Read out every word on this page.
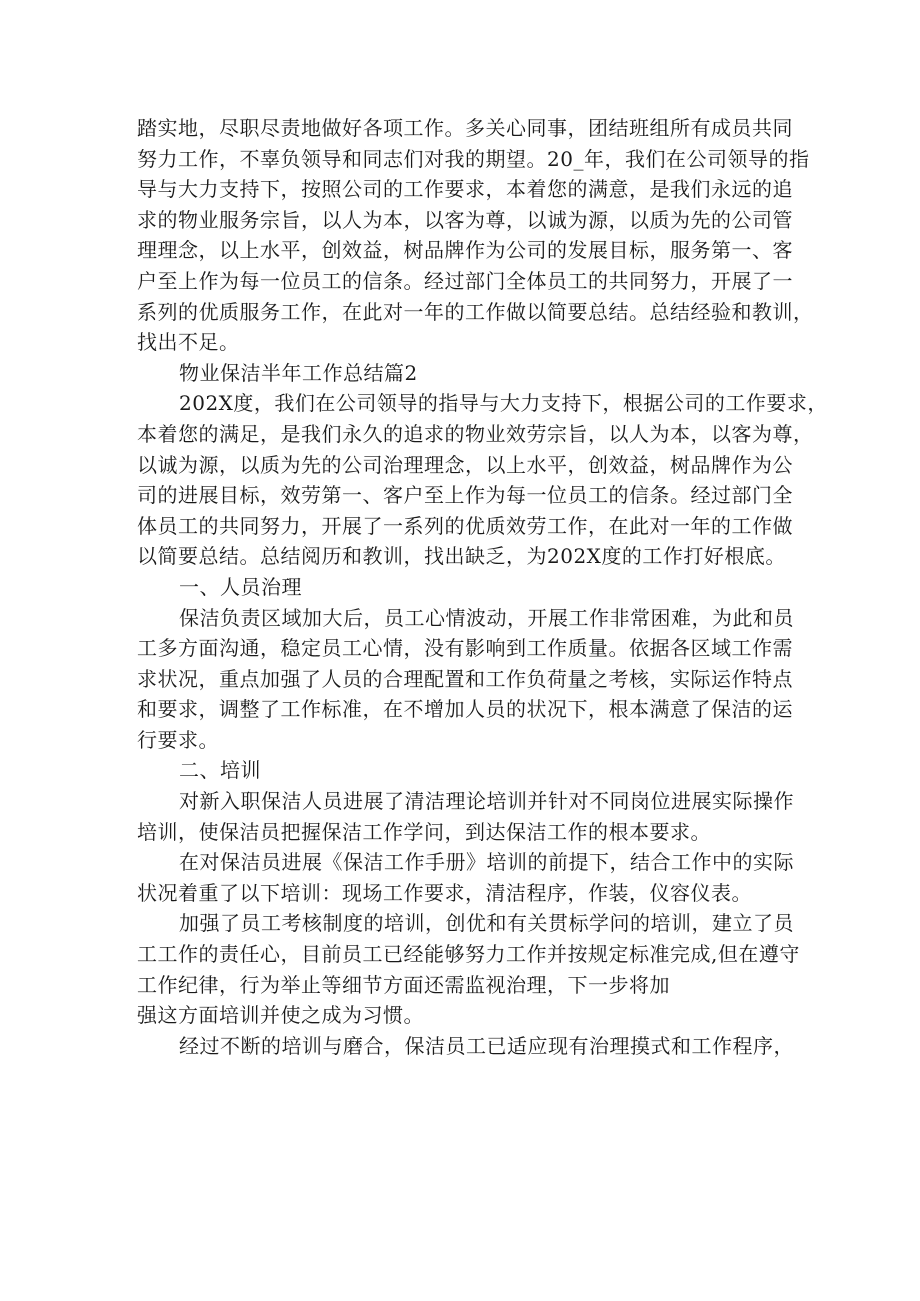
踏实地，尽职尽责地做好各项工作。多关心同事，团结班组所有成员共同
努力工作，不辜负领导和同志们对我的期望。20_年，我们在公司领导的指
导与大力支持下，按照公司的工作要求，本着您的满意，是我们永远的追
求的物业服务宗旨，以人为本，以客为尊，以诚为源，以质为先的公司管
理理念，以上水平，创效益，树品牌作为公司的发展目标，服务第一、客
户至上作为每一位员工的信条。经过部门全体员工的共同努力，开展了一
系列的优质服务工作，在此对一年的工作做以简要总结。总结经验和教训，
找出不足。
物业保洁半年工作总结篇2
202X度，我们在公司领导的指导与大力支持下，根据公司的工作要求，
本着您的满足，是我们永久的追求的物业效劳宗旨，以人为本，以客为尊，
以诚为源，以质为先的公司治理理念，以上水平，创效益，树品牌作为公
司的进展目标，效劳第一、客户至上作为每一位员工的信条。经过部门全
体员工的共同努力，开展了一系列的优质效劳工作，在此对一年的工作做
以简要总结。总结阅历和教训，找出缺乏，为202X度的工作打好根底。
一、人员治理
保洁负责区域加大后，员工心情波动，开展工作非常困难，为此和员
工多方面沟通，稳定员工心情，没有影响到工作质量。依据各区域工作需
求状况，重点加强了人员的合理配置和工作负荷量之考核，实际运作特点
和要求，调整了工作标准，在不增加人员的状况下，根本满意了保洁的运
行要求。
二、培训
对新入职保洁人员进展了清洁理论培训并针对不同岗位进展实际操作
培训，使保洁员把握保洁工作学问，到达保洁工作的根本要求。
在对保洁员进展《保洁工作手册》培训的前提下，结合工作中的实际
状况着重了以下培训：现场工作要求，清洁程序，作装，仪容仪表。
加强了员工考核制度的培训，创优和有关贯标学问的培训，建立了员
工工作的责任心，目前员工已经能够努力工作并按规定标准完成,但在遵守
工作纪律，行为举止等细节方面还需监视治理，下一步将加
强这方面培训并使之成为习惯。
经过不断的培训与磨合，保洁员工已适应现有治理摸式和工作程序，
